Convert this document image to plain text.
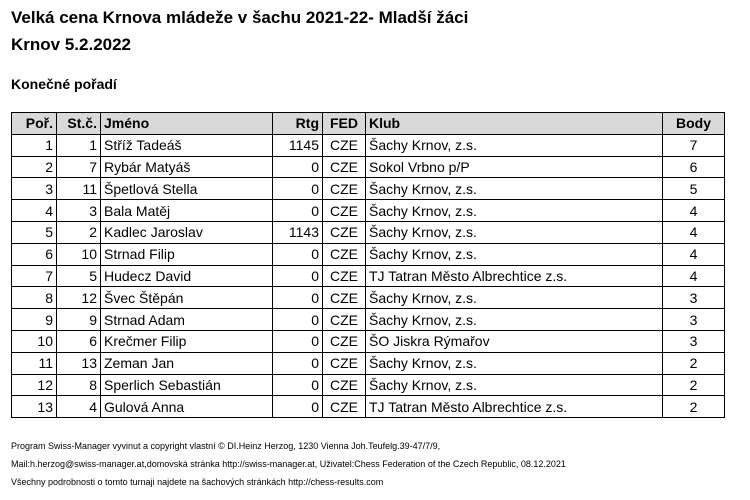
Velká cena Krnova mládeže v šachu 2021-22- Mladší žáci
Krnov 5.2.2022
Konečné pořadí
Poř.	St.č.	Jméno	Rtg	FED	Klub	Body
1	1	Stříž Tadeáš	1145	CZE	Šachy Krnov, z.s.	7
2	7	Rybár Matyáš	0	CZE	Sokol Vrbno p/P	6
3	11	Špetlová Stella	0	CZE	Šachy Krnov, z.s.	5
4	3	Bala Matěj	0	CZE	Šachy Krnov, z.s.	4
5	2	Kadlec Jaroslav	1143	CZE	Šachy Krnov, z.s.	4
6	10	Strnad Filip	0	CZE	Šachy Krnov, z.s.	4
7	5	Hudecz David	0	CZE	TJ Tatran Město Albrechtice z.s.	4
8	12	Švec Štěpán	0	CZE	Šachy Krnov, z.s.	3
9	9	Strnad Adam	0	CZE	Šachy Krnov, z.s.	3
10	6	Krečmer Filip	0	CZE	ŠO Jiskra Rýmařov	3
11	13	Zeman Jan	0	CZE	Šachy Krnov, z.s.	2
12	8	Sperlich Sebastián	0	CZE	Šachy Krnov, z.s.	2
13	4	Gulová Anna	0	CZE	TJ Tatran Město Albrechtice z.s.	2
Program Swiss-Manager vyvinut a copyright vlastní © DI.Heinz Herzog, 1230 Vienna Joh.Teufelg.39-47/7/9,
Mail:h.herzog@swiss-manager.at,domovská stránka http://swiss-manager.at, Uživatel:Chess Federation of the Czech Republic, 08.12.2021
Všechny podrobnosti o tomto turnaji najdete na šachových stránkách http://chess-results.com
